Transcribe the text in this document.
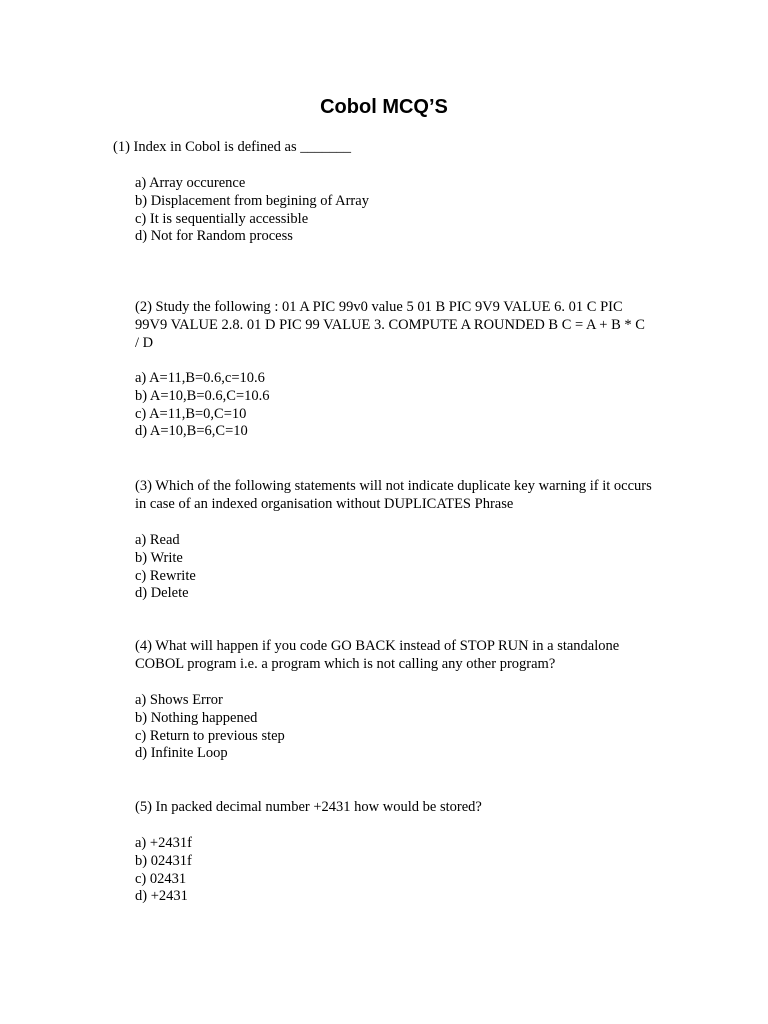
Cobol MCQ’S
(1) Index in Cobol is defined as _______
a) Array occurence
b) Displacement from begining of Array
c) It is sequentially accessible
d) Not for Random process
(2) Study the following : 01 A PIC 99v0 value 5 01 B PIC 9V9 VALUE 6. 01 C PIC
99V9 VALUE 2.8. 01 D PIC 99 VALUE 3. COMPUTE A ROUNDED B C = A + B * C
/ D
a) A=11,B=0.6,c=10.6
b) A=10,B=0.6,C=10.6
c) A=11,B=0,C=10
d) A=10,B=6,C=10
(3) Which of the following statements will not indicate duplicate key warning if it occurs
in case of an indexed organisation without DUPLICATES Phrase
a) Read
b) Write
c) Rewrite
d) Delete
(4) What will happen if you code GO BACK instead of STOP RUN in a standalone
COBOL program i.e. a program which is not calling any other program?
a) Shows Error
b) Nothing happened
c) Return to previous step
d) Infinite Loop
(5) In packed decimal number +2431 how would be stored?
a) +2431f
b) 02431f
c) 02431
d) +2431
